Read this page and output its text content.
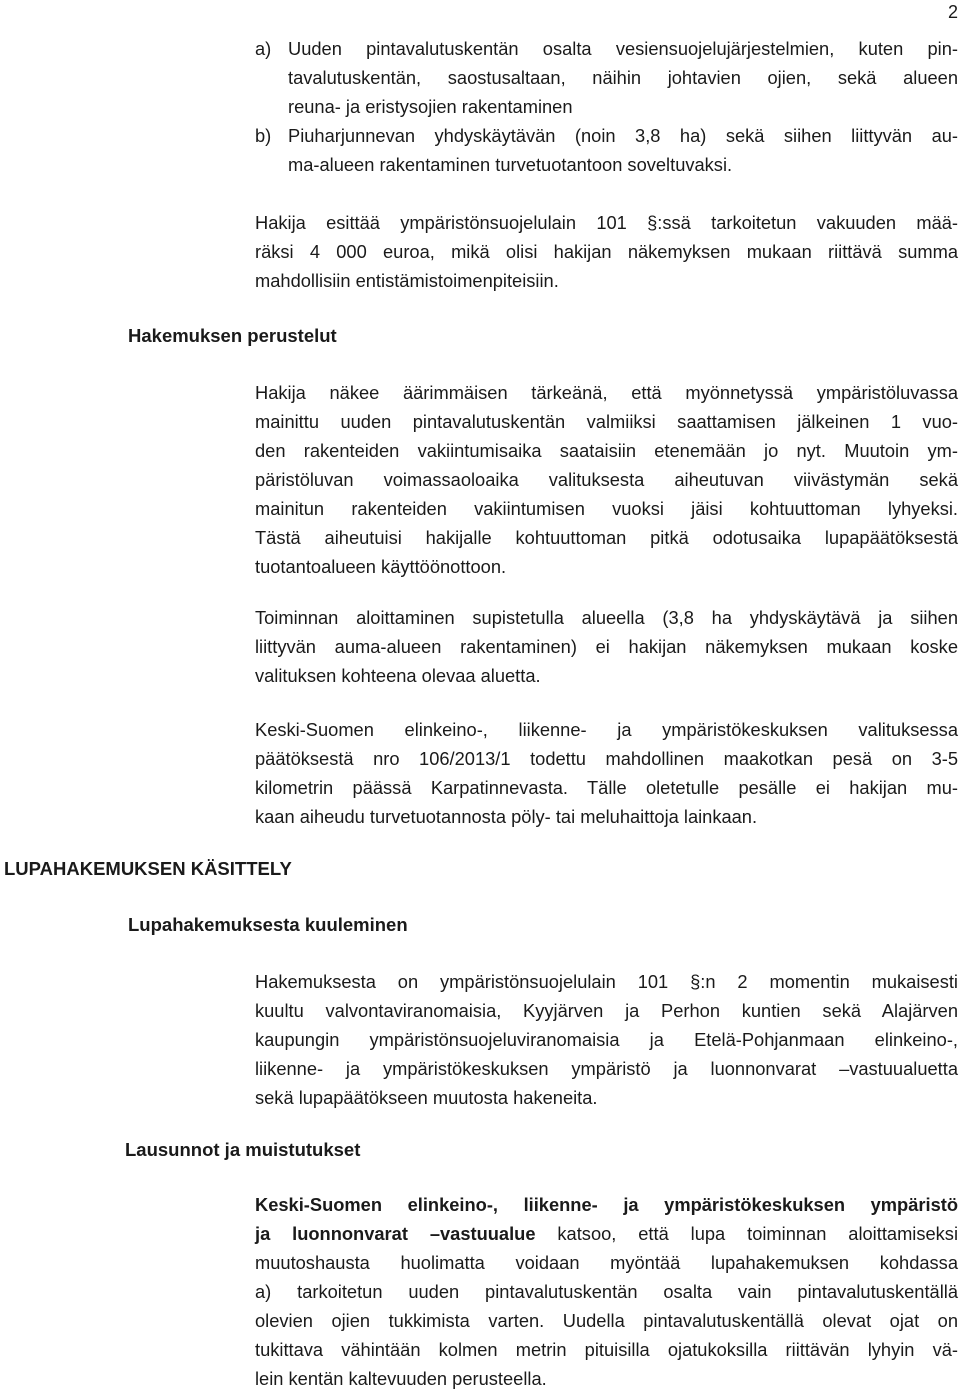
2
a) Uuden pintavalutuskentän osalta vesiensuojelujärjestelmien, kuten pin-
tavalutuskentän, saostusaltaan, näihin johtavien ojien, sekä alueen
reuna- ja eristysojien rakentaminen
b) Piuharjunnevan yhdyskäytävän (noin 3,8 ha) sekä siihen liittyvän au-
ma-alueen rakentaminen turvetuotantoon soveltuvaksi.
Hakija esittää ympäristönsuojelulain 101 §:ssä tarkoitetun vakuuden mää-
räksi 4 000 euroa, mikä olisi hakijan näkemyksen mukaan riittävä summa
mahdollisiin entistämistoimenpiteisiin.
Hakemuksen perustelut
Hakija näkee äärimmäisen tärkeänä, että myönnetyssä ympäristöluvassa
mainittu uuden pintavalutuskentän valmiiksi saattamisen jälkeinen 1 vuo-
den rakenteiden vakiintumisaika saataisiin etenemään jo nyt. Muutoin ym-
päristöluvan voimassaoloaika valituksesta aiheutuvan viivästymän sekä
mainitun rakenteiden vakiintumisen vuoksi jäisi kohtuuttoman lyhyeksi.
Tästä aiheutuisi hakijalle kohtuuttoman pitkä odotusaika lupapäätöksestä
tuotantoalueen käyttöönottoon.
Toiminnan aloittaminen supistetulla alueella (3,8 ha yhdyskäytävä ja siihen
liittyvän auma-alueen rakentaminen) ei hakijan näkemyksen mukaan koske
valituksen kohteena olevaa aluetta.
Keski-Suomen elinkeino-, liikenne- ja ympäristökeskuksen valituksessa
päätöksestä nro 106/2013/1 todettu mahdollinen maakotkan pesä on 3-5
kilometrin päässä Karpatinnevasta. Tälle oletetulle pesälle ei hakijan mu-
kaan aiheudu turvetuotannosta pöly- tai meluhaittoja lainkaan.
LUPAHAKEMUKSEN KÄSITTELY
Lupahakemuksesta kuuleminen
Hakemuksesta on ympäristönsuojelulain 101 §:n 2 momentin mukaisesti
kuultu valvontaviranomaisia, Kyyjärven ja Perhon kuntien sekä Alajärven
kaupungin ympäristönsuojeluviranomaisia ja Etelä-Pohjanmaan elinkeino-,
liikenne- ja ympäristökeskuksen ympäristö ja luonnonvarat –vastuualuetta
sekä lupapäätökseen muutosta hakeneita.
Lausunnot ja muistutukset
Keski-Suomen elinkeino-, liikenne- ja ympäristökeskuksen ympäristö
ja luonnonvarat –vastuualue katsoo, että lupa toiminnan aloittamiseksi
muutoshausta huolimatta voidaan myöntää lupahakemuksen kohdassa
a) tarkoitetun uuden pintavalutuskentän osalta vain pintavalutuskentällä
olevien ojien tukkimista varten. Uudella pintavalutuskentällä olevat ojat on
tukittava vähintään kolmen metrin pituisilla ojatukoksilla riittävän lyhyin vä-
lein kentän kaltevuuden perusteella.
